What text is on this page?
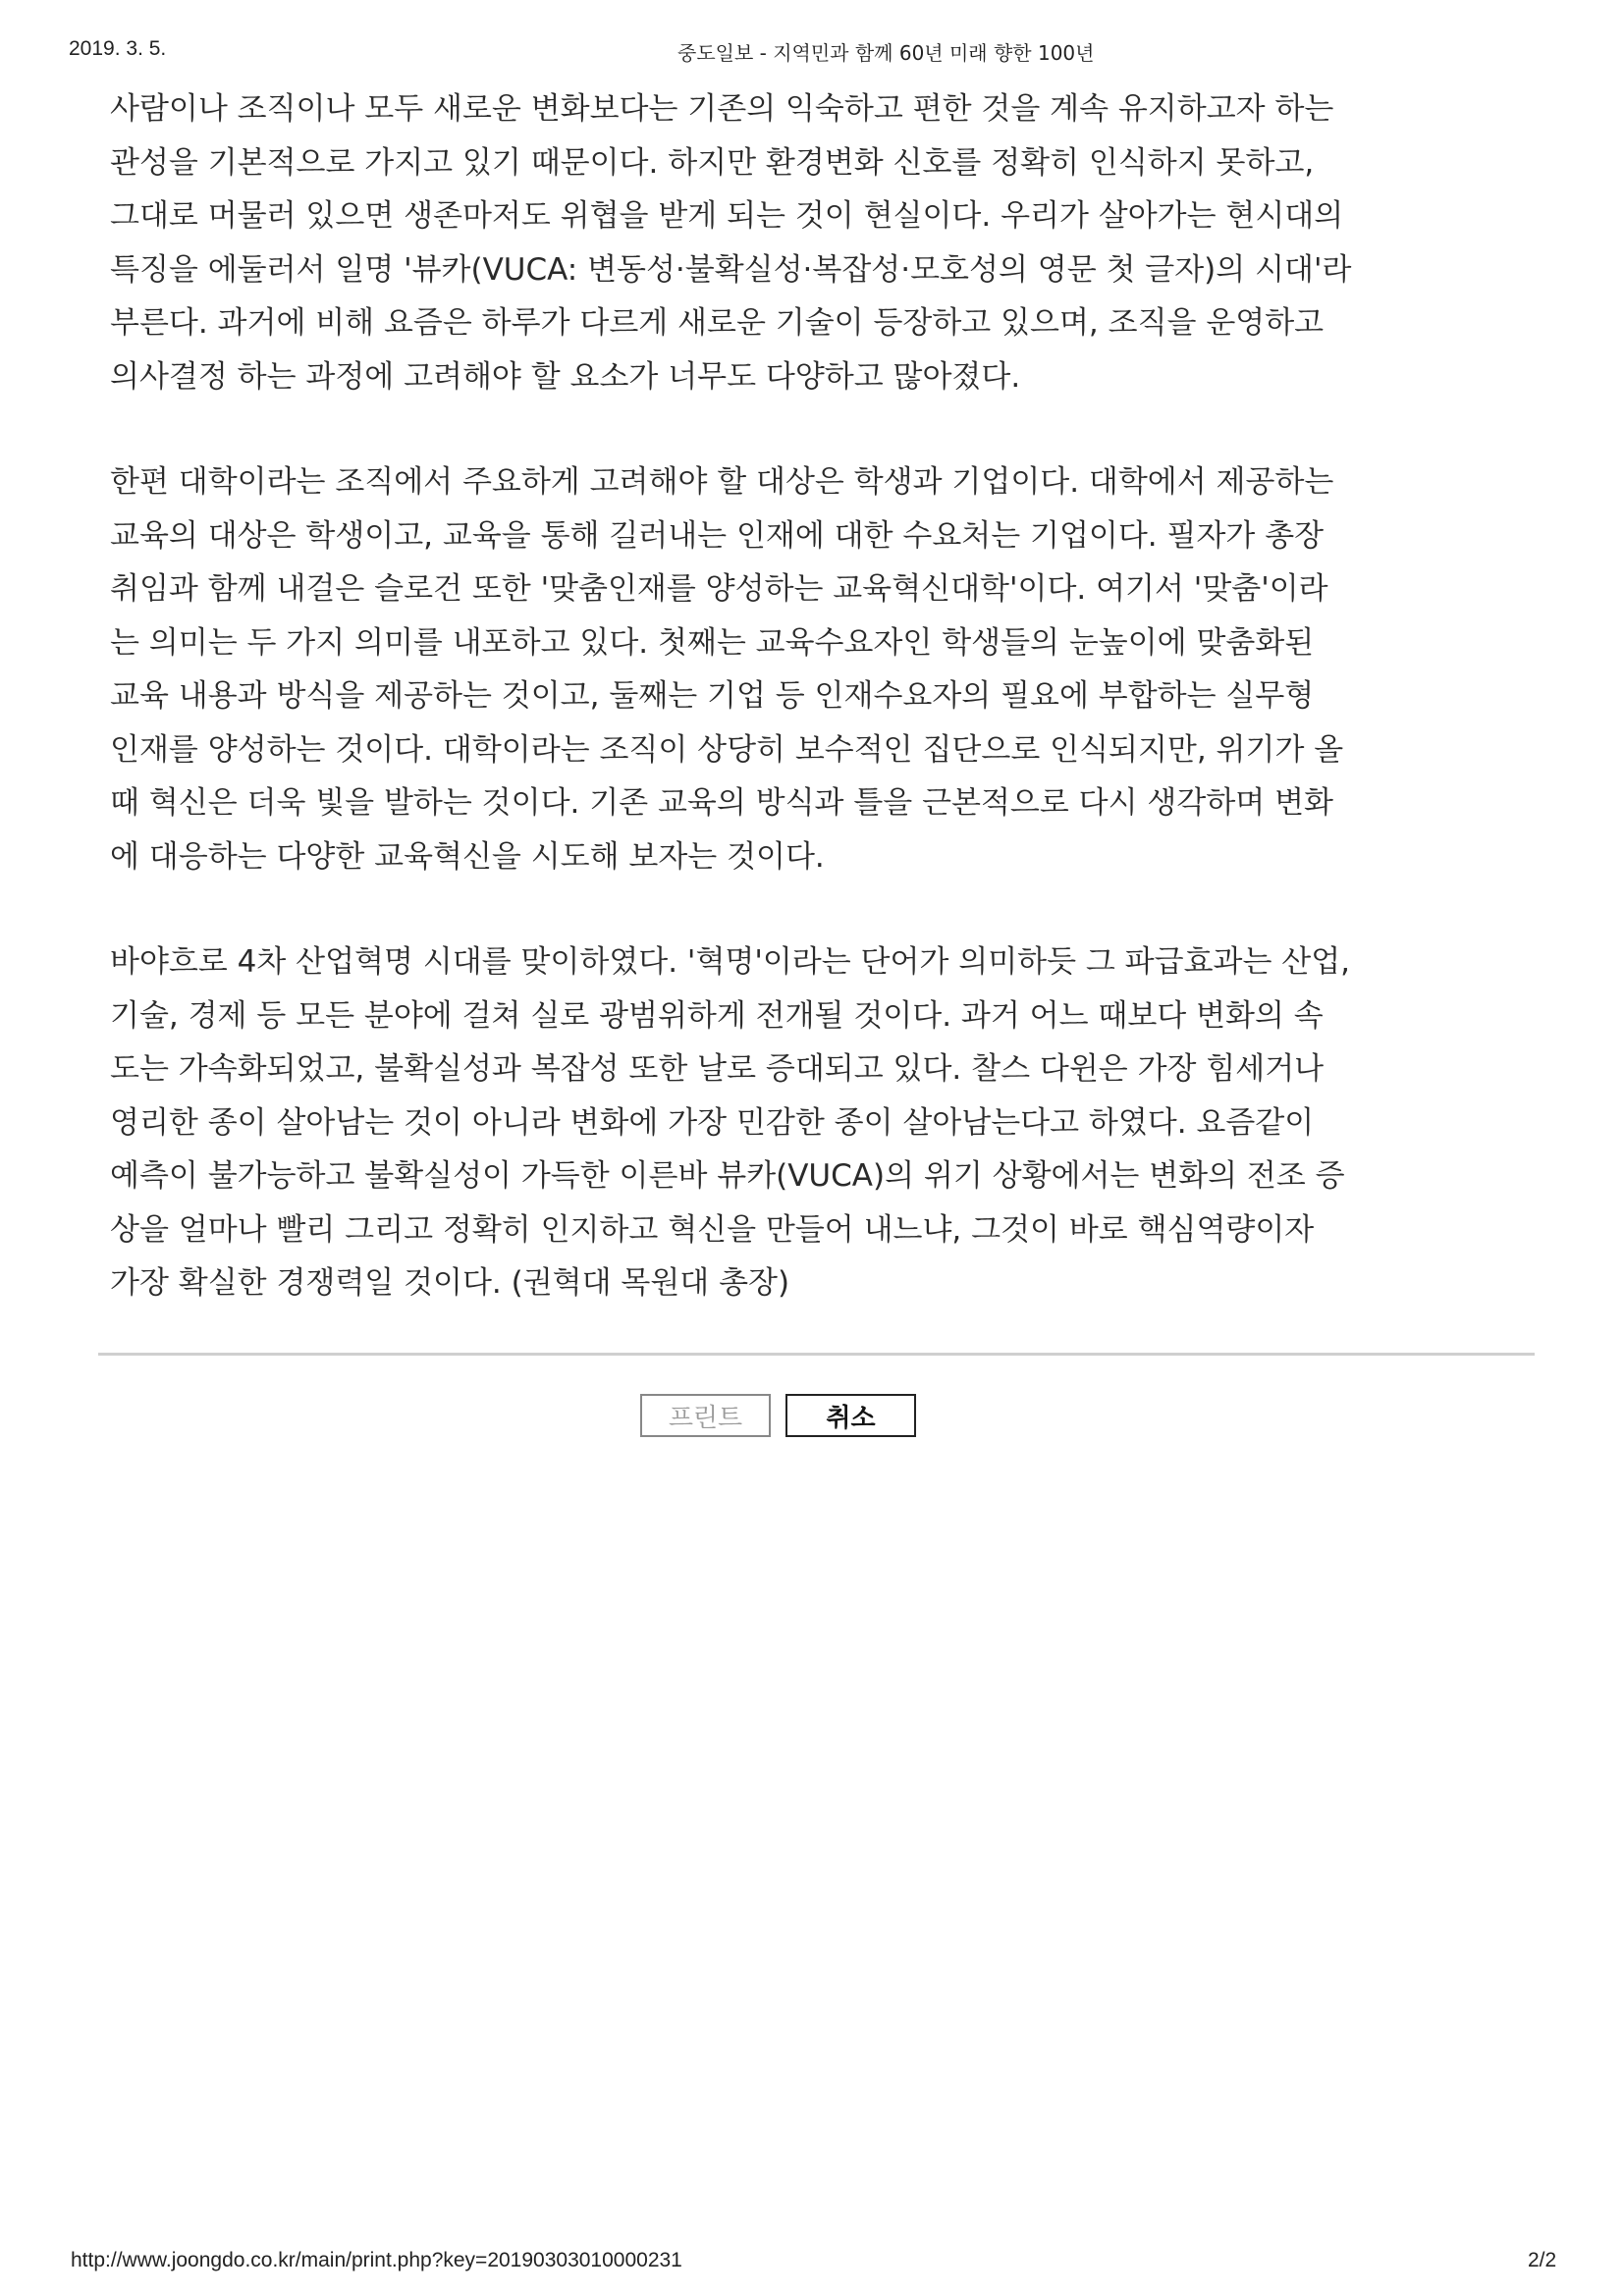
2019. 3. 5.	중도일보 - 지역민과 함께 60년 미래 향한 100년

사람이나 조직이나 모두 새로운 변화보다는 기존의 익숙하고 편한 것을 계속 유지하고자 하는
관성을 기본적으로 가지고 있기 때문이다. 하지만 환경변화 신호를 정확히 인식하지 못하고,
그대로 머물러 있으면 생존마저도 위협을 받게 되는 것이 현실이다. 우리가 살아가는 현시대의
특징을 에둘러서 일명 '뷰카(VUCA: 변동성·불확실성·복잡성·모호성의 영문 첫 글자)의 시대'라
부른다. 과거에 비해 요즘은 하루가 다르게 새로운 기술이 등장하고 있으며, 조직을 운영하고
의사결정 하는 과정에 고려해야 할 요소가 너무도 다양하고 많아졌다.

한편 대학이라는 조직에서 주요하게 고려해야 할 대상은 학생과 기업이다. 대학에서 제공하는
교육의 대상은 학생이고, 교육을 통해 길러내는 인재에 대한 수요처는 기업이다. 필자가 총장
취임과 함께 내걸은 슬로건 또한 '맞춤인재를 양성하는 교육혁신대학'이다. 여기서 '맞춤'이라
는 의미는 두 가지 의미를 내포하고 있다. 첫째는 교육수요자인 학생들의 눈높이에 맞춤화된
교육 내용과 방식을 제공하는 것이고, 둘째는 기업 등 인재수요자의 필요에 부합하는 실무형
인재를 양성하는 것이다. 대학이라는 조직이 상당히 보수적인 집단으로 인식되지만, 위기가 올
때 혁신은 더욱 빛을 발하는 것이다. 기존 교육의 방식과 틀을 근본적으로 다시 생각하며 변화
에 대응하는 다양한 교육혁신을 시도해 보자는 것이다.

바야흐로 4차 산업혁명 시대를 맞이하였다. '혁명'이라는 단어가 의미하듯 그 파급효과는 산업,
기술, 경제 등 모든 분야에 걸쳐 실로 광범위하게 전개될 것이다. 과거 어느 때보다 변화의 속
도는 가속화되었고, 불확실성과 복잡성 또한 날로 증대되고 있다. 찰스 다윈은 가장 힘세거나
영리한 종이 살아남는 것이 아니라 변화에 가장 민감한 종이 살아남는다고 하였다. 요즘같이
예측이 불가능하고 불확실성이 가득한 이른바 뷰카(VUCA)의 위기 상황에서는 변화의 전조 증
상을 얼마나 빨리 그리고 정확히 인지하고 혁신을 만들어 내느냐, 그것이 바로 핵심역량이자
가장 확실한 경쟁력일 것이다. (권혁대 목원대 총장)

프린트	취소
http://www.joongdo.co.kr/main/print.php?key=20190303010000231	2/2
